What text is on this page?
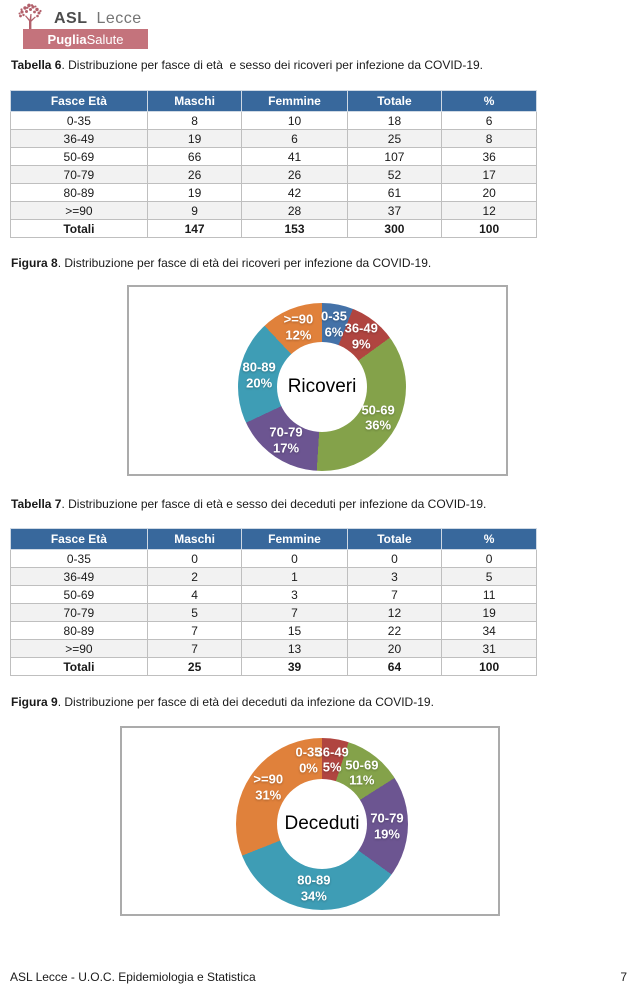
ASL Lecce
Puglia Salute

Tabella 6. Distribuzione per fasce di età  e sesso dei ricoveri per infezione da COVID-19.

Fasce Età	Maschi	Femmine	Totale	%
0-35	8	10	18	6
36-49	19	6	25	8
50-69	66	41	107	36
70-79	26	26	52	17
80-89	19	42	61	20
>=90	9	28	37	12
Totali	147	153	300	100

Figura 8. Distribuzione per fasce di età dei ricoveri per infezione da COVID-19.

Ricoveri
0-35
6% 36-49
9%
50-69
36%
70-79
17%
80-89
20%
>=90
12%

Tabella 7. Distribuzione per fasce di età e sesso dei deceduti per infezione da COVID-19.

Fasce Età	Maschi	Femmine	Totale	%
0-35	0	0	0	0
36-49	2	1	3	5
50-69	4	3	7	11
70-79	5	7	12	19
80-89	7	15	22	34
>=90	7	13	20	31
Totali	25	39	64	100

Figura 9. Distribuzione per fasce di età dei deceduti da infezione da COVID-19.

Deceduti
0-35
0%
36-49
5% 50-69
11%
70-79
19%
80-89
34%
>=90
31%
ASL Lecce - U.O.C. Epidemiologia e Statistica	7
